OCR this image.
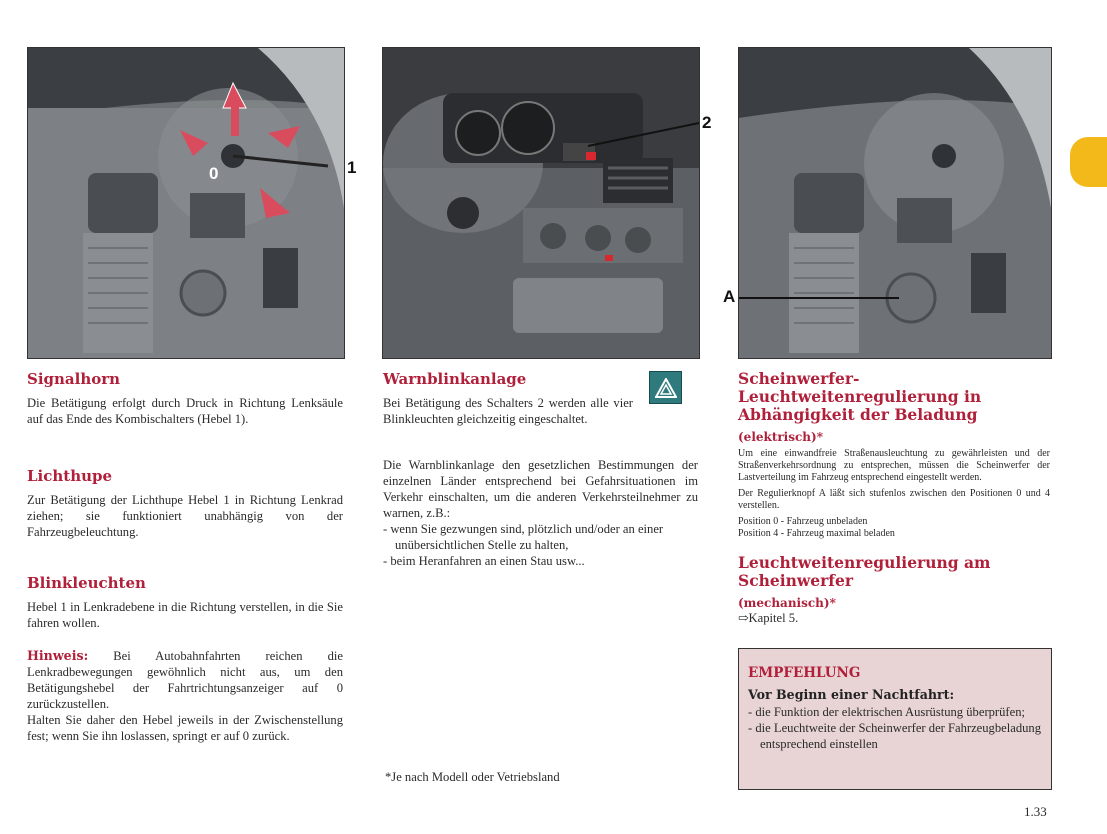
0	1
2
A
Signalhorn

Die Betätigung erfolgt durch Druck in Richtung Lenksäule auf das Ende des Kombischalters (Hebel 1).

Lichthupe

Zur Betätigung der Lichthupe Hebel 1 in Richtung Lenkrad ziehen; sie funktioniert unabhängig von der Fahrzeugbeleuchtung.

Blinkleuchten

Hebel 1 in Lenkradebene in die Richtung verstellen, in die Sie fahren wollen.

Hinweis: Bei Autobahnfahrten reichen die Lenkradbewegungen gewöhnlich nicht aus, um den Betätigungshebel der Fahrtrichtungsanzeiger auf 0 zurückzustellen.

Halten Sie daher den Hebel jeweils in der Zwischenstellung fest; wenn Sie ihn loslassen, springt er auf 0 zurück.

Warnblinkanlage

Bei Betätigung des Schalters 2 werden alle vier Blinkleuchten gleichzeitig eingeschaltet.

Die Warnblinkanlage den gesetzlichen Bestimmungen der einzelnen Länder entsprechend bei Gefahrsituationen im Verkehr einschalten, um die anderen Verkehrsteilnehmer zu warnen, z.B.:

- wenn Sie gezwungen sind, plötzlich und/oder an einer unübersichtlichen Stelle zu halten,
- beim Heranfahren an einen Stau usw...
*Je nach Modell oder Vetriebsland
Scheinwerfer-Leuchtweitenregulierung in Abhängigkeit der Beladung
(elektrisch)*

Um eine einwandfreie Straßenausleuchtung zu gewährleisten und der Straßenverkehrsordnung zu entsprechen, müssen die Scheinwerfer der Lastverteilung im Fahrzeug entsprechend eingestellt werden.

Der Regulierknopf A läßt sich stufenlos zwischen den Positionen 0 und 4 verstellen.

Position 0 - Fahrzeug unbeladen

Position 4 - Fahrzeug maximal beladen

Leuchtweitenregulierung am Scheinwerfer
(mechanisch)*

⇨Kapitel 5.

EMPFEHLUNG
Vor Beginn einer Nachtfahrt:
- die Funktion der elektrischen Ausrüstung überprüfen;
- die Leuchtweite der Scheinwerfer der Fahrzeugbeladung entsprechend einstellen
1.33
